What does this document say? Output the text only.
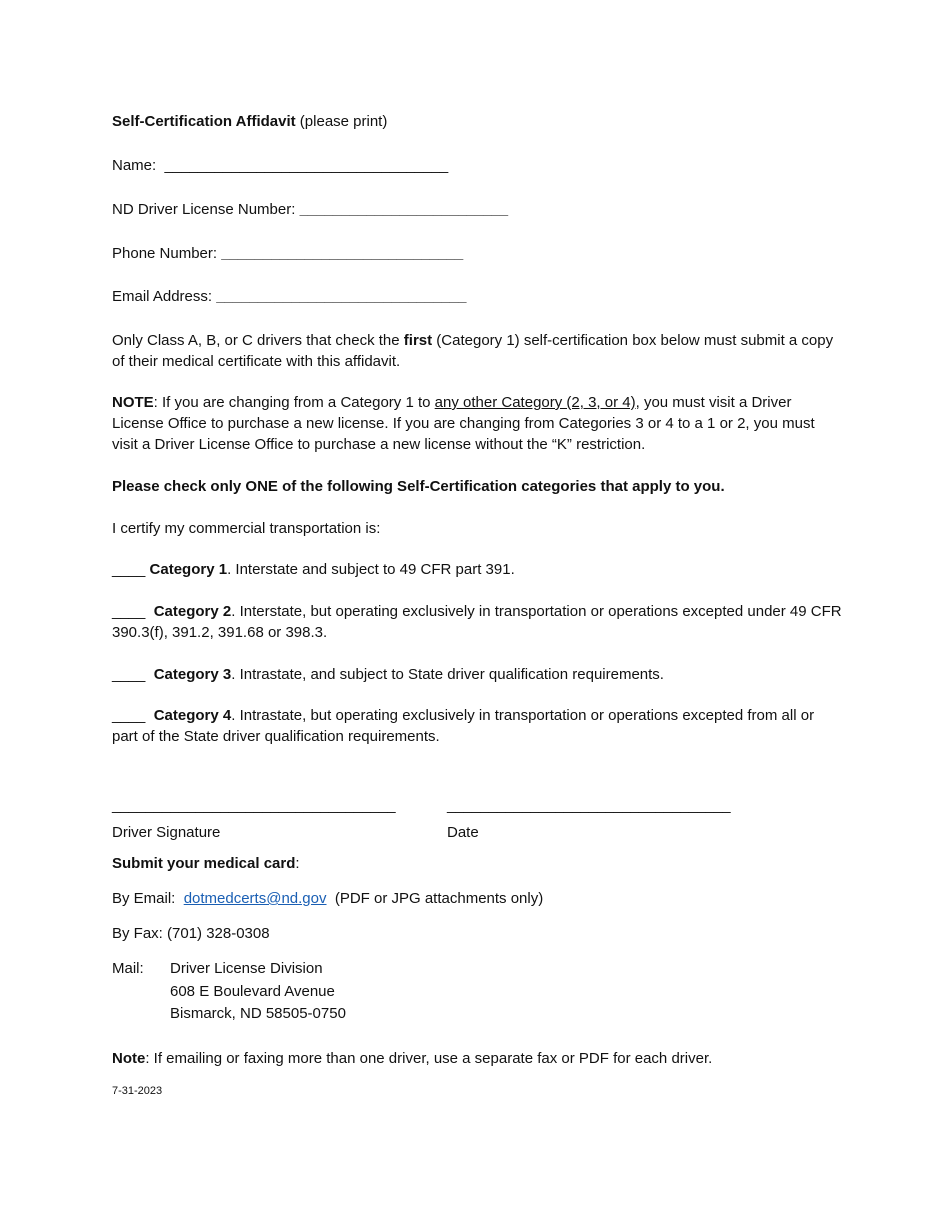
Self-Certification Affidavit (please print)

Name: __________________________________

ND Driver License Number: _________________________

Phone Number: _____________________________

Email Address: ______________________________

Only Class A, B, or C drivers that check the first (Category 1) self-certification box below must submit a copy of their medical certificate with this affidavit.

NOTE: If you are changing from a Category 1 to any other Category (2, 3, or 4), you must visit a Driver License Office to purchase a new license. If you are changing from Categories 3 or 4 to a 1 or 2, you must visit a Driver License Office to purchase a new license without the “K” restriction.

Please check only ONE of the following Self-Certification categories that apply to you.

I certify my commercial transportation is:

____ Category 1. Interstate and subject to 49 CFR part 391.

____ Category 2. Interstate, but operating exclusively in transportation or operations excepted under 49 CFR 390.3(f), 391.2, 391.68 or 398.3.

____ Category 3. Intrastate, and subject to State driver qualification requirements.

____ Category 4. Intrastate, but operating exclusively in transportation or operations excepted from all or part of the State driver qualification requirements.

__________________________________	__________________________________
Driver Signature	Date

Submit your medical card:

By Email:  dotmedcerts@nd.gov  (PDF or JPG attachments only)

By Fax: (701) 328-0308

Mail:	Driver License Division
608 E Boulevard Avenue
Bismarck, ND 58505-0750

Note: If emailing or faxing more than one driver, use a separate fax or PDF for each driver.

7-31-2023
